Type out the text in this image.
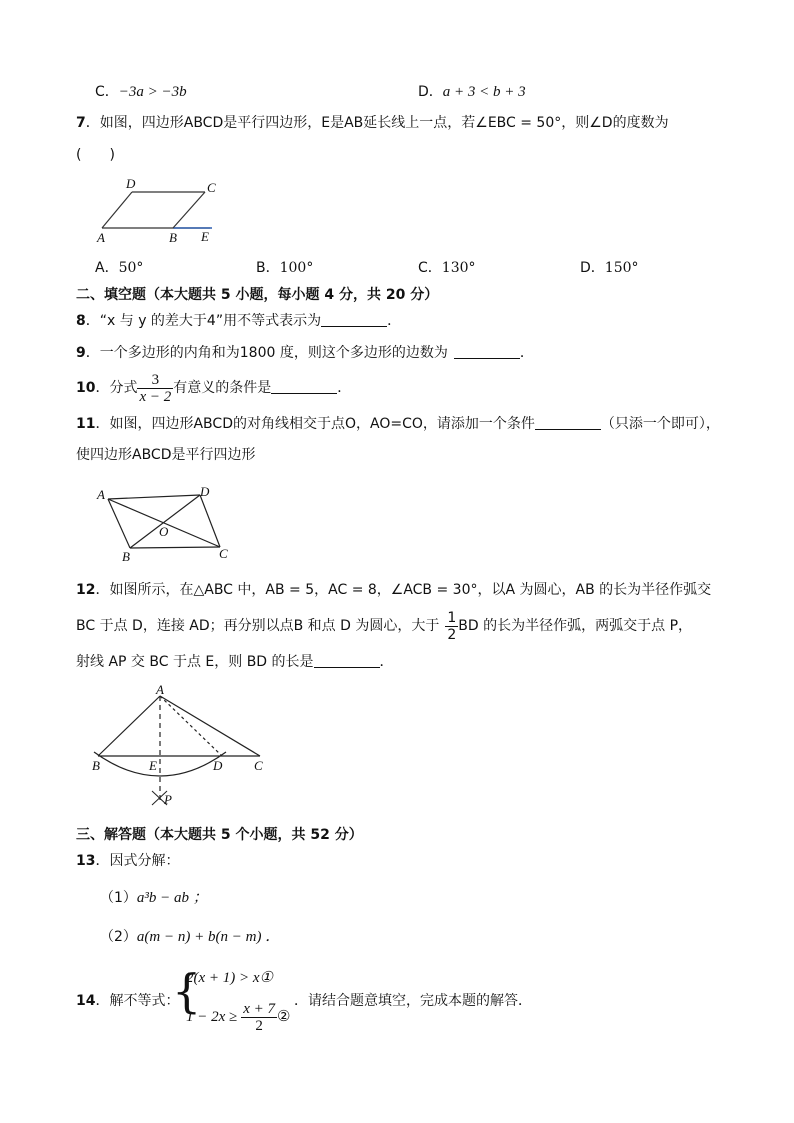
C．−3a > −3b	D．a + 3 < b + 3
7．如图，四边形ABCD是平行四边形，E是AB延长线上一点，若∠EBC = 50°，则∠D的度数为
(　　)
D	C
A	B E
A．50°	B．100°	C．130°	D．150°
二、填空题（本大题共 5 小题，每小题 4 分，共 20 分）
8．“x 与 y 的差大于4”用不等式表示为	．
9．一个多边形的内角和为1800 度，则这个多边形的边数为	．
10．分式 $\frac{3}{x - 2}$ 有意义的条件是	．
11．如图，四边形ABCD的对角线相交于点O，AO=CO，请添加一个条件	（只添一个即可），
使四边形ABCD是平行四边形
A	D
O
B	C
12．如图所示，在△ABC 中，AB = 5，AC = 8，∠ACB = 30°，以A 为圆心，AB 的长为半径作弧交
BC 于点 D，连接 AD；再分别以点B 和点 D 为圆心，大于 $\frac{1}{2}$ BD 的长为半径作弧，两弧交于点 P，
射线 AP 交 BC 于点 E，则 BD 的长是	．
A
B	E	D C
P
三、解答题（本大题共 5 个小题，共 52 分）
13．因式分解：
（1）a³b − ab ；
（2）a(m − n) + b(n − m) ．
14．解不等式：
{
2(x + 1) > x①
$1 - 2x \ge \frac{x + 7}{2}$ ②
．请结合题意填空，完成本题的解答．
